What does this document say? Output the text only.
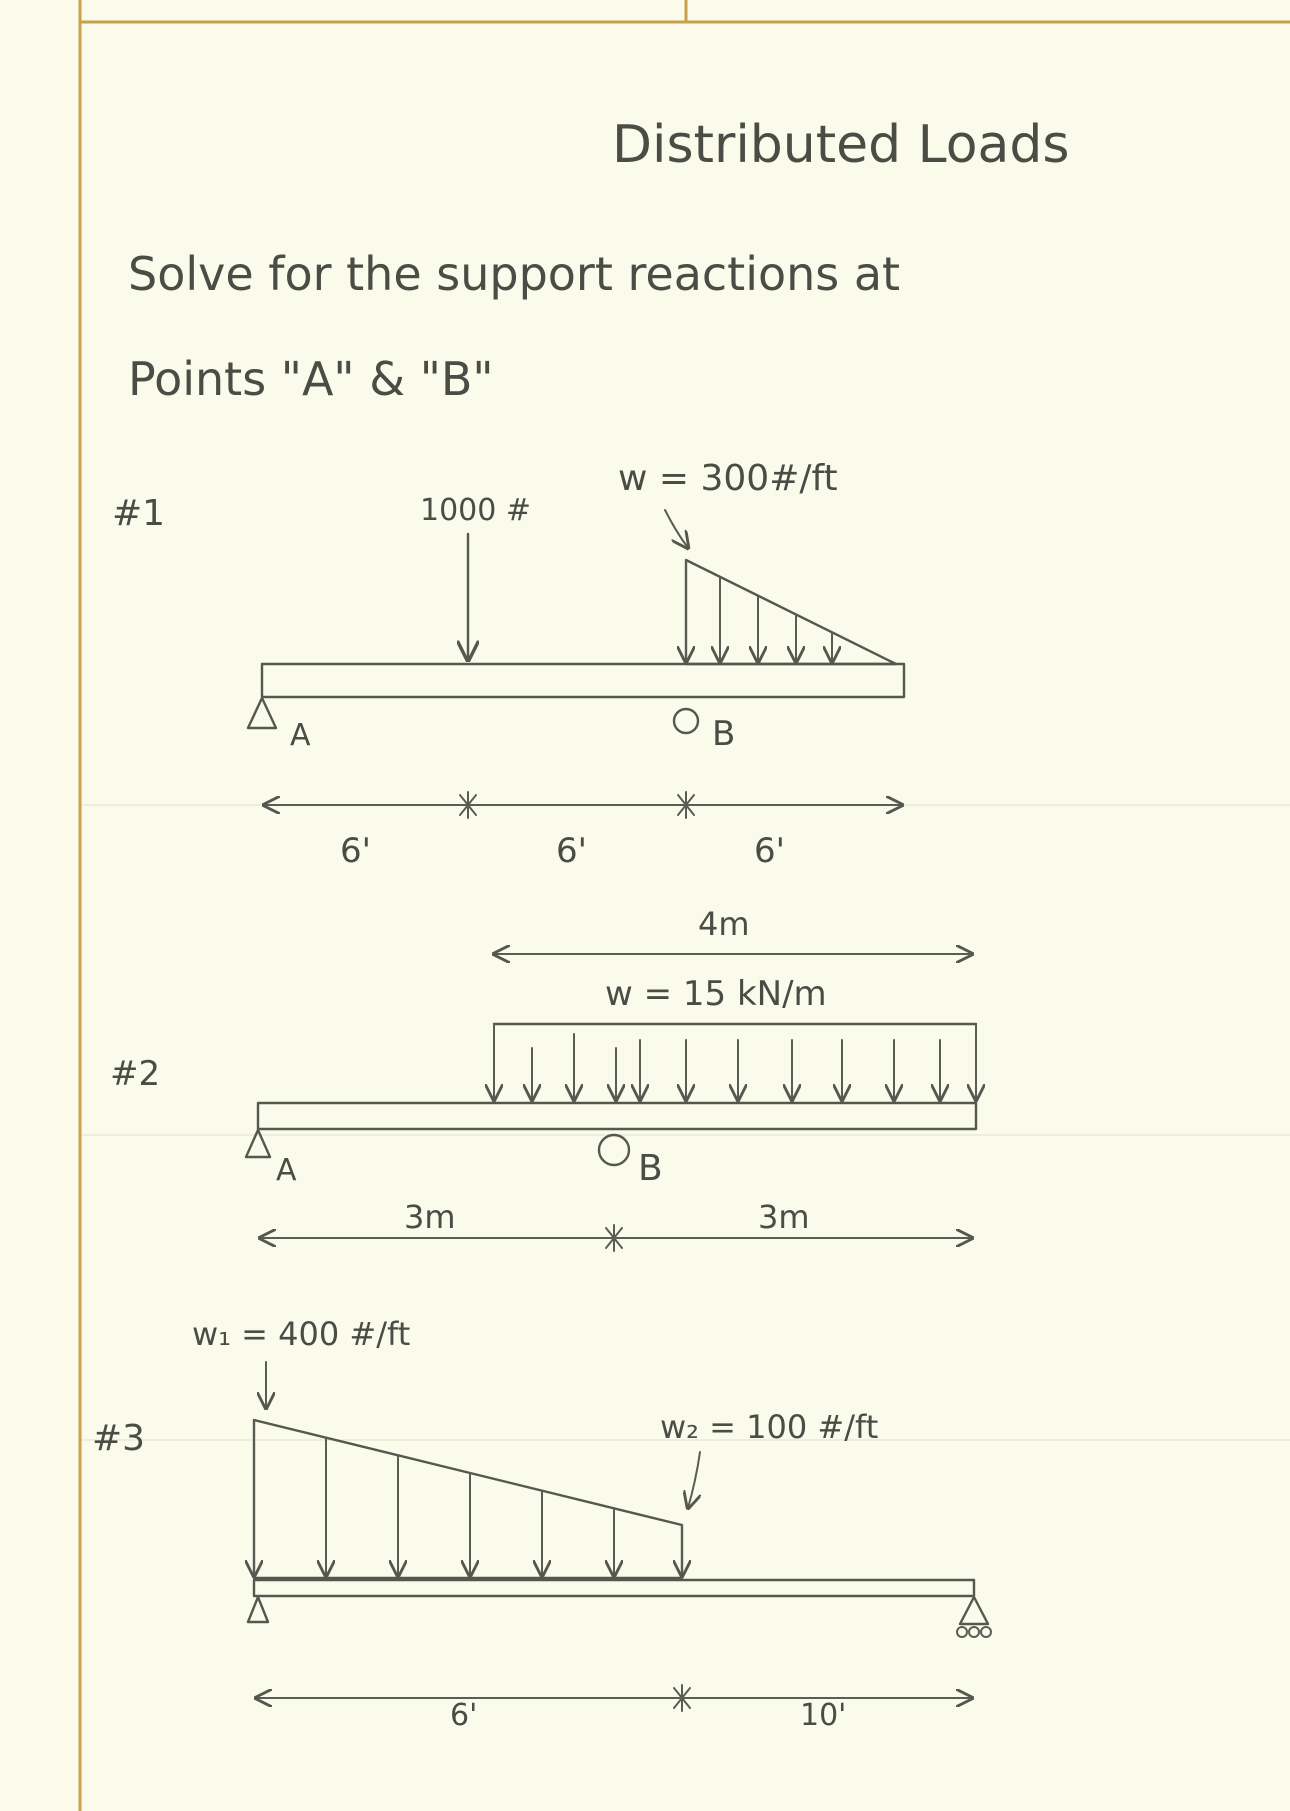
Distributed Loads
Solve for the support reactions at
Points "A" & "B"
#1	1000 #
w = 300#/ft
A	B
6'	6'	6'
#2
4m
w = 15 kN/m
A	B
3m	3m
#3
w₁ = 400 #/ft
w₂ = 100 #/ft
6'	10'
